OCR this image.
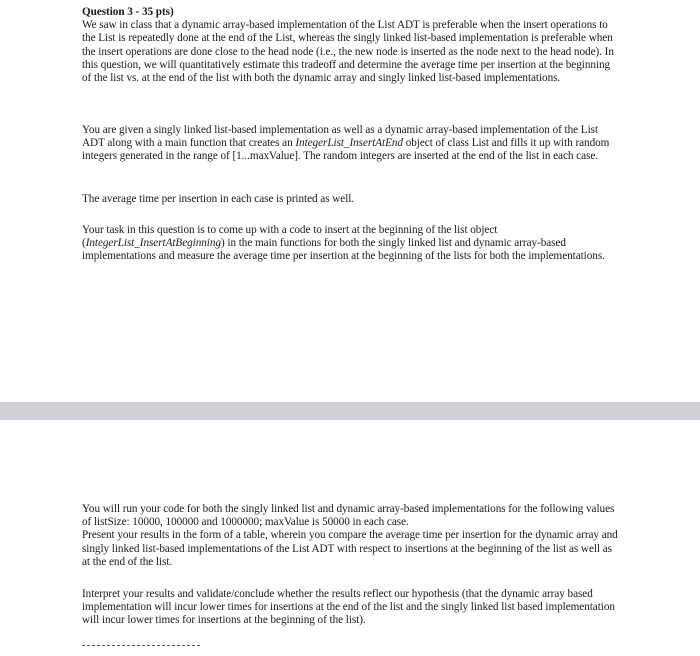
Question 3 - 35 pts)

We saw in class that a dynamic array-based implementation of the List ADT is preferable when the insert operations to the List is repeatedly done at the end of the List, whereas the singly linked list-based implementation is preferable when the insert operations are done close to the head node (i.e., the new node is inserted as the node next to the head node). In this question, we will quantitatively estimate this tradeoff and determine the average time per insertion at the beginning of the list vs. at the end of the list with both the dynamic array and singly linked list-based implementations.

You are given a singly linked list-based implementation as well as a dynamic array-based implementation of the List ADT along with a main function that creates an IntegerList_InsertAtEnd object of class List and fills it up with random integers generated in the range of [1...maxValue]. The random integers are inserted at the end of the list in each case.

The average time per insertion in each case is printed as well.

Your task in this question is to come up with a code to insert at the beginning of the list object (IntegerList_InsertAtBeginning) in the main functions for both the singly linked list and dynamic array-based implementations and measure the average time per insertion at the beginning of the lists for both the implementations.

You will run your code for both the singly linked list and dynamic array-based implementations for the following values of listSize: 10000, 100000 and 1000000; maxValue is 50000 in each case.

Present your results in the form of a table, wherein you compare the average time per insertion for the dynamic array and singly linked list-based implementations of the List ADT with respect to insertions at the beginning of the list as well as at the end of the list.

Interpret your results and validate/conclude whether the results reflect our hypothesis (that the dynamic array based implementation will incur lower times for insertions at the end of the list and the singly linked list based implementation will incur lower times for insertions at the beginning of the list).
